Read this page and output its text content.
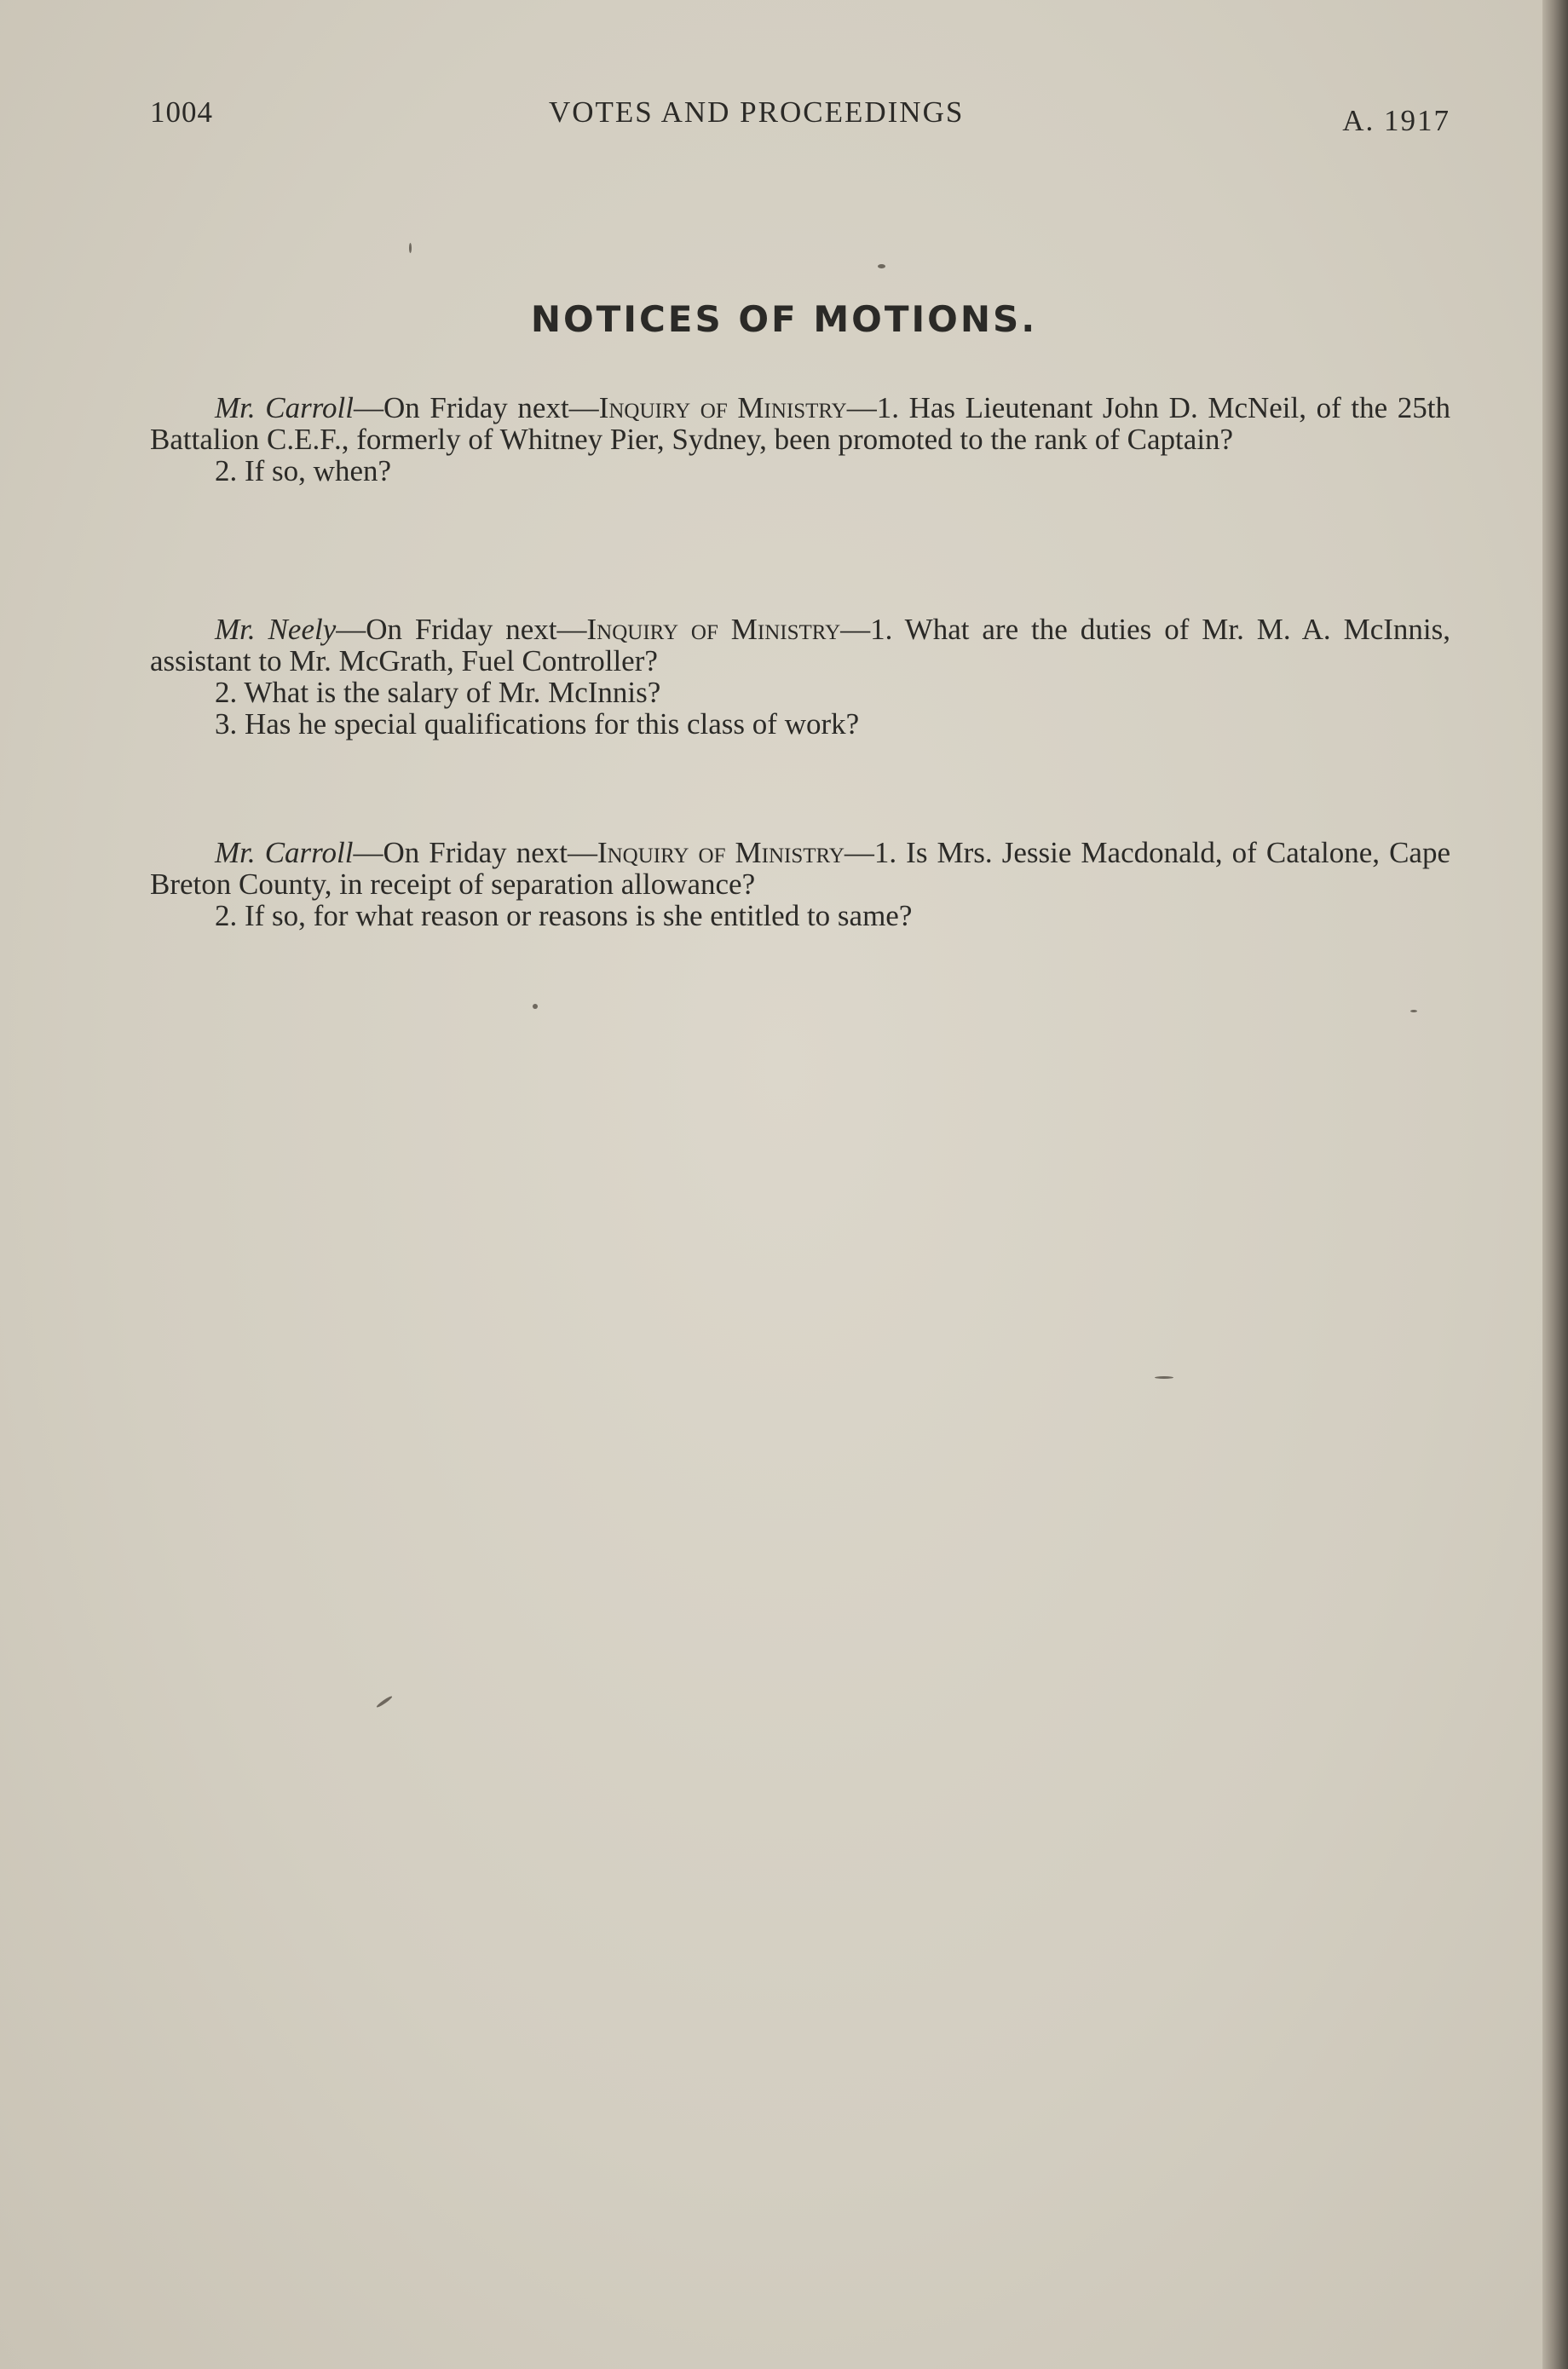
1004	VOTES AND PROCEEDINGS	A. 1917
NOTICES OF MOTIONS.

Mr. Carroll—On Friday next—Inquiry of Ministry—1. Has Lieutenant John D. McNeil, of the 25th Battalion C.E.F., formerly of Whitney Pier, Sydney, been promoted to the rank of Captain?

2. If so, when?

Mr. Neely—On Friday next—Inquiry of Ministry—1. What are the duties of Mr. M. A. McInnis, assistant to Mr. McGrath, Fuel Controller?

2. What is the salary of Mr. McInnis?

3. Has he special qualifications for this class of work?

Mr. Carroll—On Friday next—Inquiry of Ministry—1. Is Mrs. Jessie Macdonald, of Catalone, Cape Breton County, in receipt of separation allowance?

2. If so, for what reason or reasons is she entitled to same?
